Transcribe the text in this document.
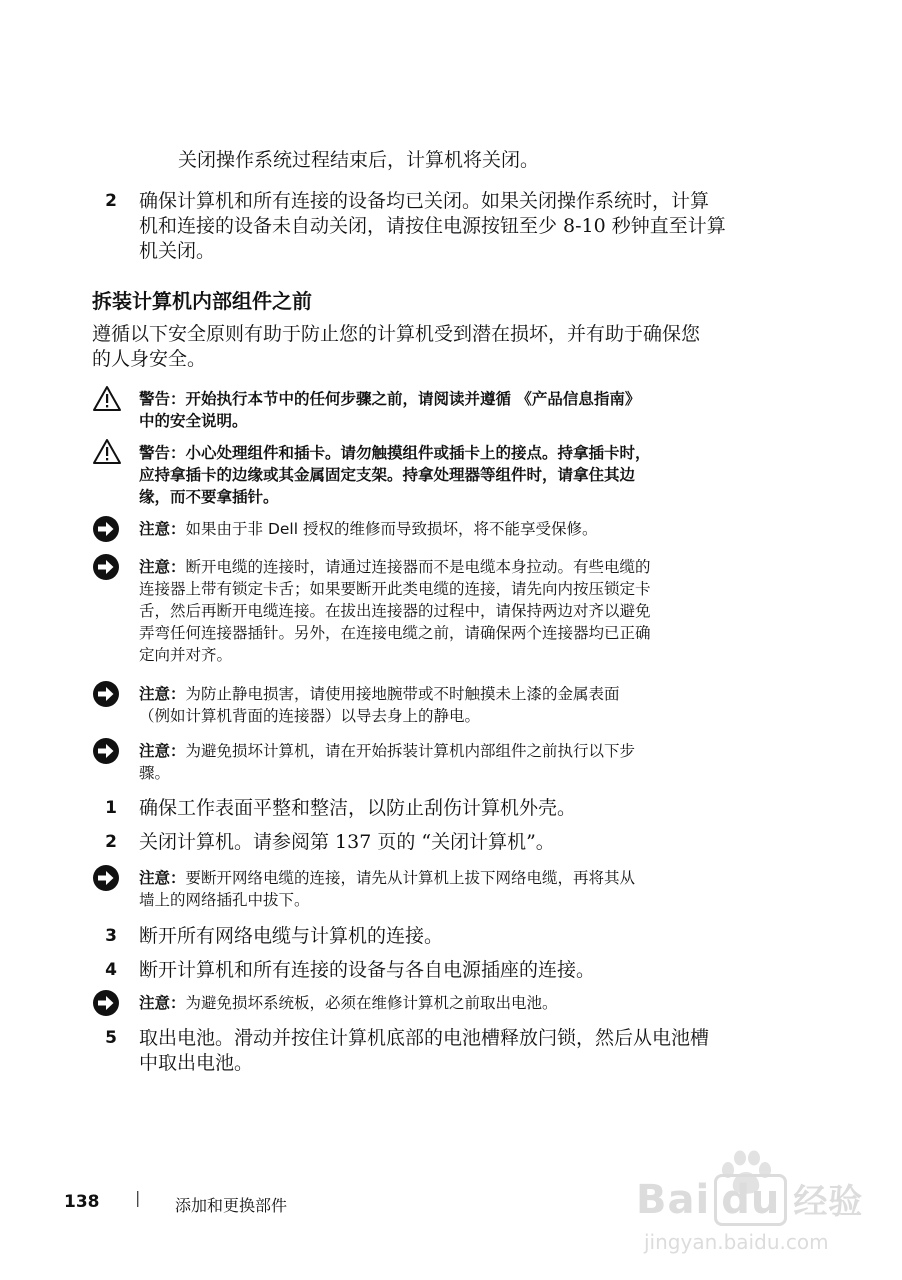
关闭操作系统过程结束后，计算机将关闭。
2 确保计算机和所有连接的设备均已关闭。如果关闭操作系统时，计算
机和连接的设备未自动关闭，请按住电源按钮至少 8-10 秒钟直至计算
机关闭。
拆装计算机内部组件之前
遵循以下安全原则有助于防止您的计算机受到潜在损坏，并有助于确保您
的人身安全。
警告：开始执行本节中的任何步骤之前，请阅读并遵循 《产品信息指南》
中的安全说明。
警告：小心处理组件和插卡。请勿触摸组件或插卡上的接点。持拿插卡时，
应持拿插卡的边缘或其金属固定支架。持拿处理器等组件时，请拿住其边
缘，而不要拿插针。
注意：如果由于非 Dell 授权的维修而导致损坏，将不能享受保修。
注意：断开电缆的连接时，请通过连接器而不是电缆本身拉动。有些电缆的
连接器上带有锁定卡舌；如果要断开此类电缆的连接，请先向内按压锁定卡
舌，然后再断开电缆连接。在拔出连接器的过程中，请保持两边对齐以避免
弄弯任何连接器插针。另外，在连接电缆之前，请确保两个连接器均已正确
定向并对齐。
注意：为防止静电损害，请使用接地腕带或不时触摸未上漆的金属表面
（例如计算机背面的连接器）以导去身上的静电。
注意：为避免损坏计算机，请在开始拆装计算机内部组件之前执行以下步
骤。
1 确保工作表面平整和整洁，以防止刮伤计算机外壳。
2 关闭计算机。请参阅第 137 页的 “关闭计算机”。
注意：要断开网络电缆的连接，请先从计算机上拔下网络电缆，再将其从
墙上的网络插孔中拔下。
3 断开所有网络电缆与计算机的连接。
4 断开计算机和所有连接的设备与各自电源插座的连接。
注意：为避免损坏系统板，必须在维修计算机之前取出电池。
5 取出电池。滑动并按住计算机底部的电池槽释放闩锁，然后从电池槽
中取出电池。
138 | 添加和更换部件	Bai du 经验
jingyan.baidu.com
